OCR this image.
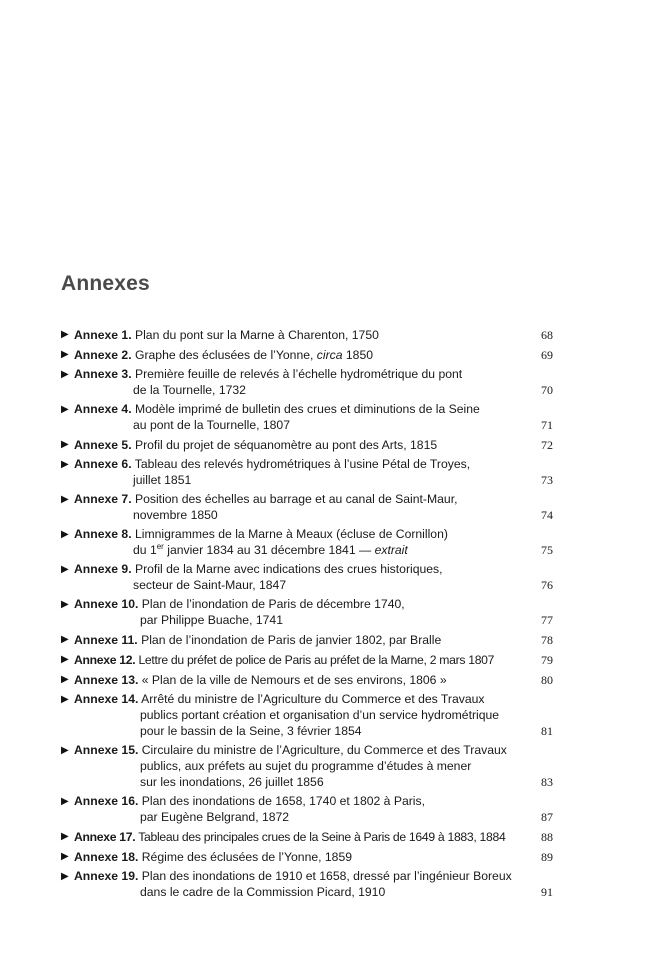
Annexes
▶ Annexe 1. Plan du pont sur la Marne à Charenton, 1750	68
▶ Annexe 2. Graphe des éclusées de l’Yonne, circa 1850	69
▶ Annexe 3. Première feuille de relevés à l’échelle hydrométrique du pont
de la Tournelle, 1732	70
▶ Annexe 4. Modèle imprimé de bulletin des crues et diminutions de la Seine
au pont de la Tournelle, 1807	71
▶ Annexe 5. Profil du projet de séquanomètre au pont des Arts, 1815	72
▶ Annexe 6. Tableau des relevés hydrométriques à l’usine Pétal de Troyes,
juillet 1851	73
▶ Annexe 7. Position des échelles au barrage et au canal de Saint-Maur,
novembre 1850	74
▶ Annexe 8. Limnigrammes de la Marne à Meaux (écluse de Cornillon)
du 1er janvier 1834 au 31 décembre 1841 — extrait	75
▶ Annexe 9. Profil de la Marne avec indications des crues historiques,
secteur de Saint-Maur, 1847	76
▶ Annexe 10. Plan de l’inondation de Paris de décembre 1740,
par Philippe Buache, 1741	77
▶ Annexe 11. Plan de l’inondation de Paris de janvier 1802, par Bralle	78
▶ Annexe 12. Lettre du préfet de police de Paris au préfet de la Marne, 2 mars 1807	79
▶ Annexe 13. « Plan de la ville de Nemours et de ses environs, 1806 »	80
▶ Annexe 14. Arrêté du ministre de l’Agriculture du Commerce et des Travaux
publics portant création et organisation d’un service hydrométrique
pour le bassin de la Seine, 3 février 1854	81
▶ Annexe 15. Circulaire du ministre de l’Agriculture, du Commerce et des Travaux
publics, aux préfets au sujet du programme d’études à mener
sur les inondations, 26 juillet 1856	83
▶ Annexe 16. Plan des inondations de 1658, 1740 et 1802 à Paris,
par Eugène Belgrand, 1872	87
▶ Annexe 17. Tableau des principales crues de la Seine à Paris de 1649 à 1883, 1884	88
▶ Annexe 18. Régime des éclusées de l’Yonne, 1859	89
▶ Annexe 19. Plan des inondations de 1910 et 1658, dressé par l’ingénieur Boreux
dans le cadre de la Commission Picard, 1910	91
